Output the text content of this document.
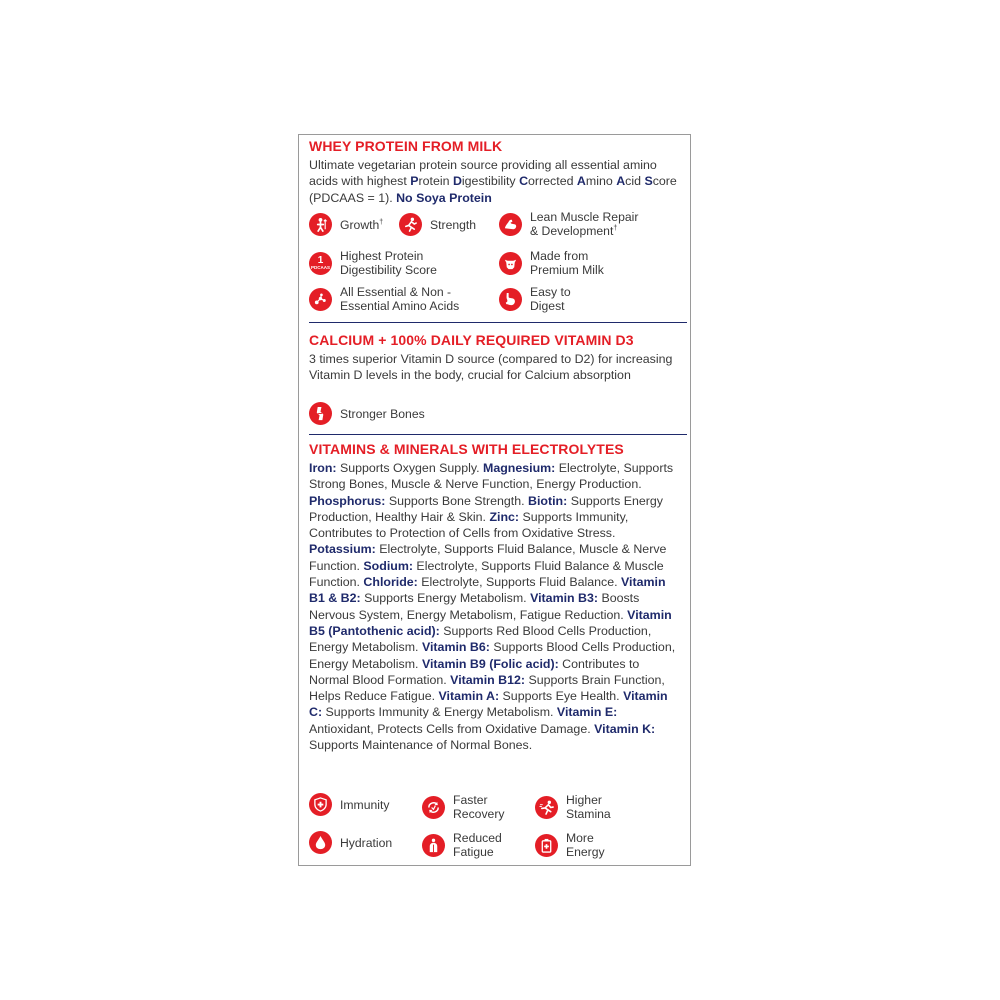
WHEY PROTEIN FROM MILK
Ultimate vegetarian protein source providing all essential amino acids with highest Protein Digestibility Corrected Amino Acid Score (PDCAAS = 1). No Soya Protein
Growth†	Strength
Lean Muscle Repair
& Development†
1
PDCAAS
Highest Protein
Digestibility Score
Made from
Premium Milk
All Essential & Non -
Essential Amino Acids
Easy to
Digest
CALCIUM + 100% DAILY REQUIRED VITAMIN D3
3 times superior Vitamin D source (compared to D2) for increasing Vitamin D levels in the body, crucial for Calcium absorption
Stronger Bones
VITAMINS & MINERALS WITH ELECTROLYTES
Iron: Supports Oxygen Supply. Magnesium: Electrolyte, Supports Strong Bones, Muscle & Nerve Function, Energy Production. Phosphorus: Supports Bone Strength. Biotin: Supports Energy Production, Healthy Hair & Skin. Zinc: Supports Immunity, Contributes to Protection of Cells from Oxidative Stress. Potassium: Electrolyte, Supports Fluid Balance, Muscle & Nerve Function. Sodium: Electrolyte, Supports Fluid Balance & Muscle Function. Chloride: Electrolyte, Supports Fluid Balance. Vitamin B1 & B2: Supports Energy Metabolism. Vitamin B3: Boosts Nervous System, Energy Metabolism, Fatigue Reduction. Vitamin B5 (Pantothenic acid): Supports Red Blood Cells Production, Energy Metabolism. Vitamin B6: Supports Blood Cells Production, Energy Metabolism. Vitamin B9 (Folic acid): Contributes to Normal Blood Formation. Vitamin B12: Supports Brain Function, Helps Reduce Fatigue. Vitamin A: Supports Eye Health. Vitamin C: Supports Immunity & Energy Metabolism. Vitamin E: Antioxidant, Protects Cells from Oxidative Damage. Vitamin K: Supports Maintenance of Normal Bones.
Immunity	Faster
Recovery
Higher
Stamina
Hydration	Reduced
Fatigue
More
Energy
